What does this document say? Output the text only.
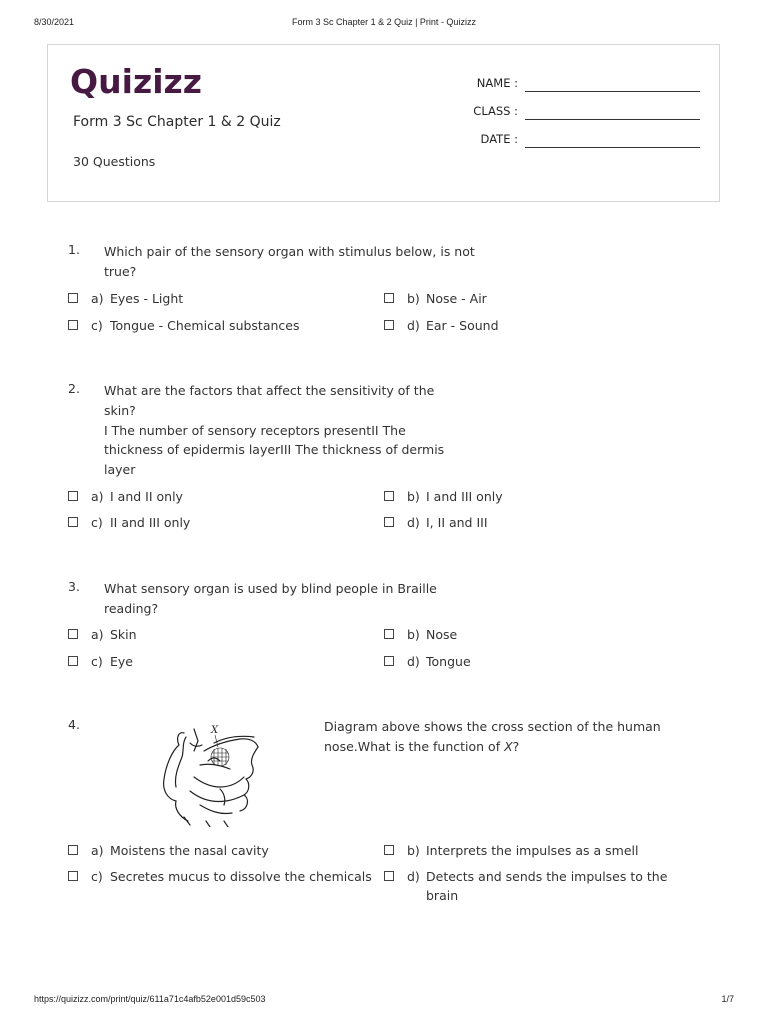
8/30/2021	Form 3 Sc Chapter 1 & 2 Quiz | Print - Quizizz
Quizizz
Form 3 Sc Chapter 1 & 2 Quiz
30 Questions
NAME :
CLASS :
DATE :
1. Which pair of the sensory organ with stimulus below, is not true?
a) Eyes - Light	b) Nose - Air
c) Tongue - Chemical substances	d) Ear - Sound
2. What are the factors that affect the sensitivity of the skin?
I The number of sensory receptors presentII The thickness of epidermis layerIII The thickness of dermis layer
a) I and II only	b) I and III only
c) II and III only	d) I, II and III
3. What sensory organ is used by blind people in Braille reading?
a) Skin	b) Nose
c) Eye	d) Tongue
4.	X	Diagram above shows the cross section of the human nose.What is the function of X?
a) Moistens the nasal cavity	b) Interprets the impulses as a smell
c) Secretes mucus to dissolve the chemicals	d) Detects and sends the impulses to the brain
https://quizizz.com/print/quiz/611a71c4afb52e001d59c503	1/7
